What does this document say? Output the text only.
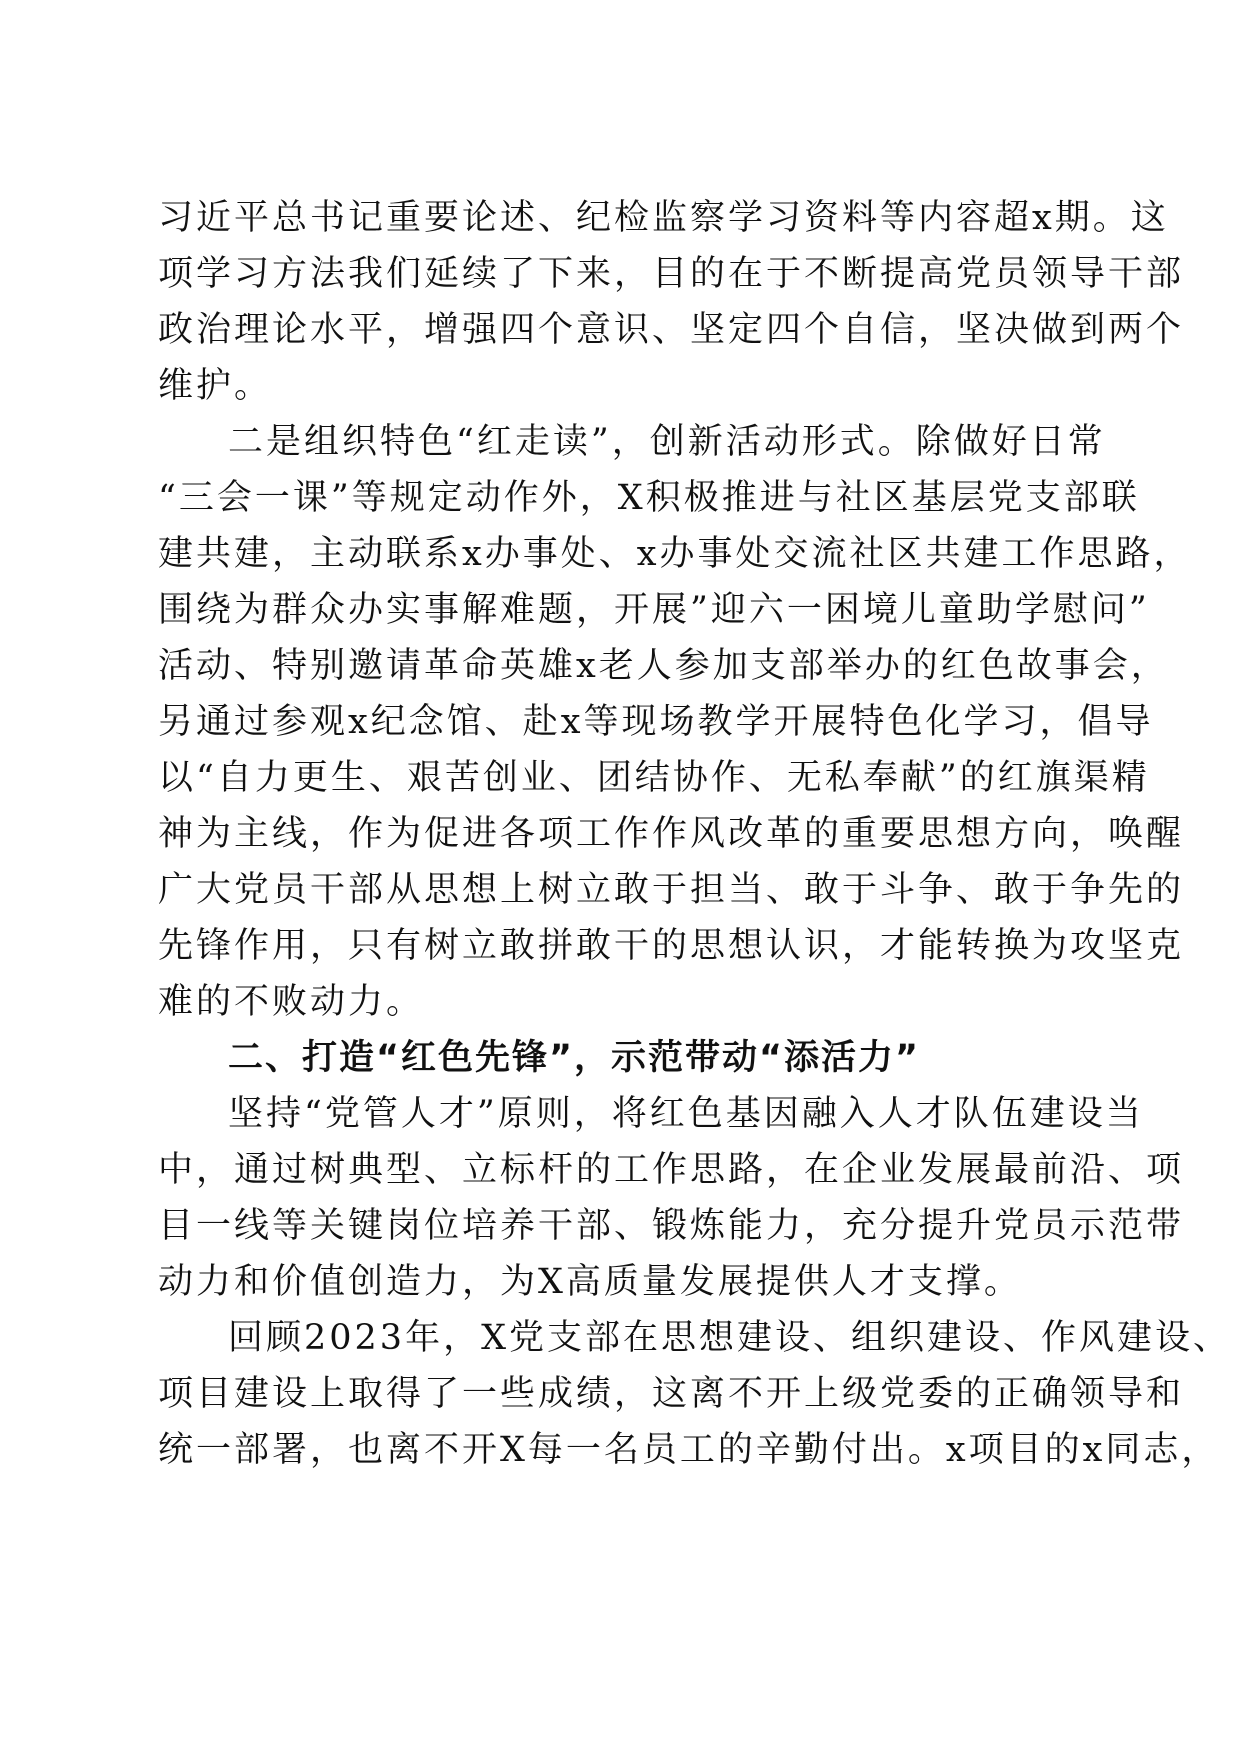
习近平总书记重要论述、纪检监察学习资料等内容超x期。这
项学习方法我们延续了下来，目的在于不断提高党员领导干部
政治理论水平，增强四个意识、坚定四个自信，坚决做到两个
维护。
二是组织特色“红走读”，创新活动形式。除做好日常
“三会一课”等规定动作外，X积极推进与社区基层党支部联
建共建，主动联系x办事处、x办事处交流社区共建工作思路，
围绕为群众办实事解难题，开展”迎六一困境儿童助学慰问”
活动、特别邀请革命英雄x老人参加支部举办的红色故事会，
另通过参观x纪念馆、赴x等现场教学开展特色化学习，倡导
以“自力更生、艰苦创业、团结协作、无私奉献”的红旗渠精
神为主线，作为促进各项工作作风改革的重要思想方向，唤醒
广大党员干部从思想上树立敢于担当、敢于斗争、敢于争先的
先锋作用，只有树立敢拼敢干的思想认识，才能转换为攻坚克
难的不败动力。
二、打造“红色先锋”，示范带动“添活力”
坚持“党管人才”原则，将红色基因融入人才队伍建设当
中，通过树典型、立标杆的工作思路，在企业发展最前沿、项
目一线等关键岗位培养干部、锻炼能力，充分提升党员示范带
动力和价值创造力，为X高质量发展提供人才支撑。
回顾2023年，X党支部在思想建设、组织建设、作风建设、
项目建设上取得了一些成绩，这离不开上级党委的正确领导和
统一部署，也离不开X每一名员工的辛勤付出。x项目的x同志，
